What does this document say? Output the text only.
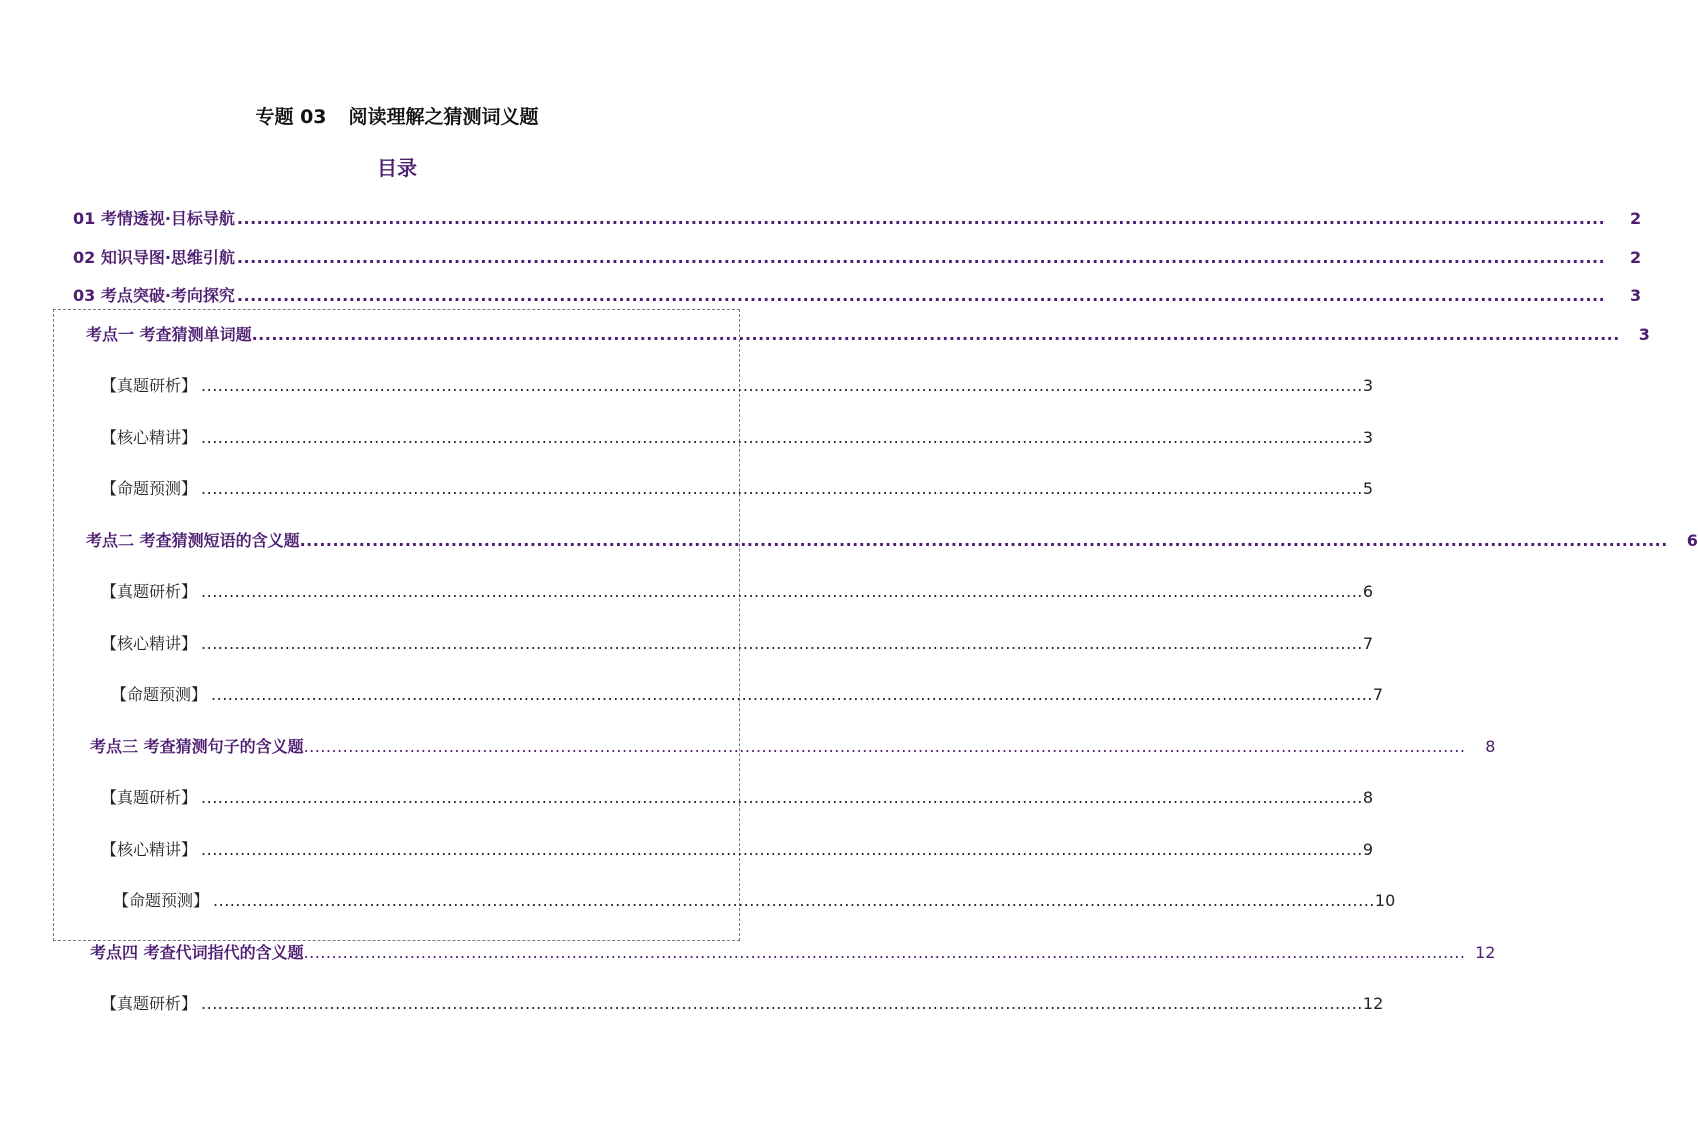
专题 03 阅读理解之猜测词义题
目录
01 考情透视·目标导航 ................................................................................................................................................................................................................	2
02 知识导图·思维引航 ................................................................................................................................................................................................................	2
03 考点突破·考向探究 ................................................................................................................................................................................................................	3
考点一 考查猜测单词题 ................................................................................................................................................................................................................	3
【真题研析】 ................................................................................................................................................................................................................ 3
【核心精讲】 ................................................................................................................................................................................................................ 3
【命题预测】 ................................................................................................................................................................................................................ 5
考点二 考查猜测短语的含义题 ................................................................................................................................................................................................................	6
【真题研析】 ................................................................................................................................................................................................................ 6
【核心精讲】 ................................................................................................................................................................................................................ 7
【命题预测】 ................................................................................................................................................................................................................ 7
考点三 考查猜测句子的含义题 ................................................................................................................................................................................................................	8
【真题研析】 ................................................................................................................................................................................................................ 8
【核心精讲】 ................................................................................................................................................................................................................ 9
【命题预测】 ................................................................................................................................................................................................................ 10
考点四 考查代词指代的含义题 ................................................................................................................................................................................................................ 12
【真题研析】 ................................................................................................................................................................................................................ 12
